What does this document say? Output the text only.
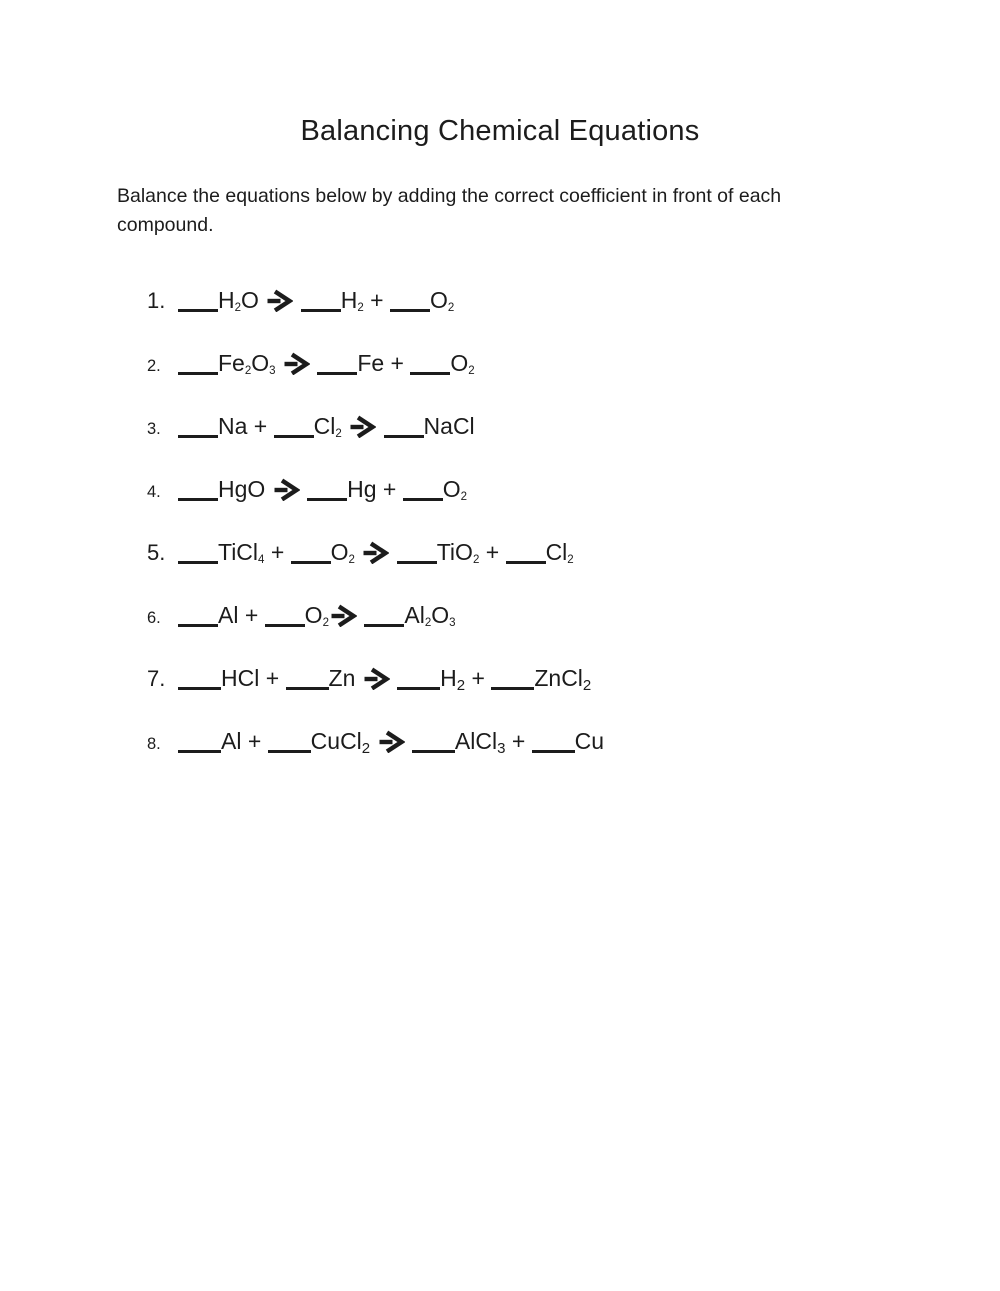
Balancing Chemical Equations

Balance the equations below by adding the correct coefficient in front of each
compound.

1. H2O	H2 + O2
2. Fe2O3	Fe + O2
3. Na + Cl2	NaCl
4. HgO	Hg + O2
5. TiCl4 + O2	TiO2 + Cl2
6. Al + O2	Al2O3
7. HCl + Zn	H2 + ZnCl2
8.	Al + CuCl2	AlCl3 + Cu
